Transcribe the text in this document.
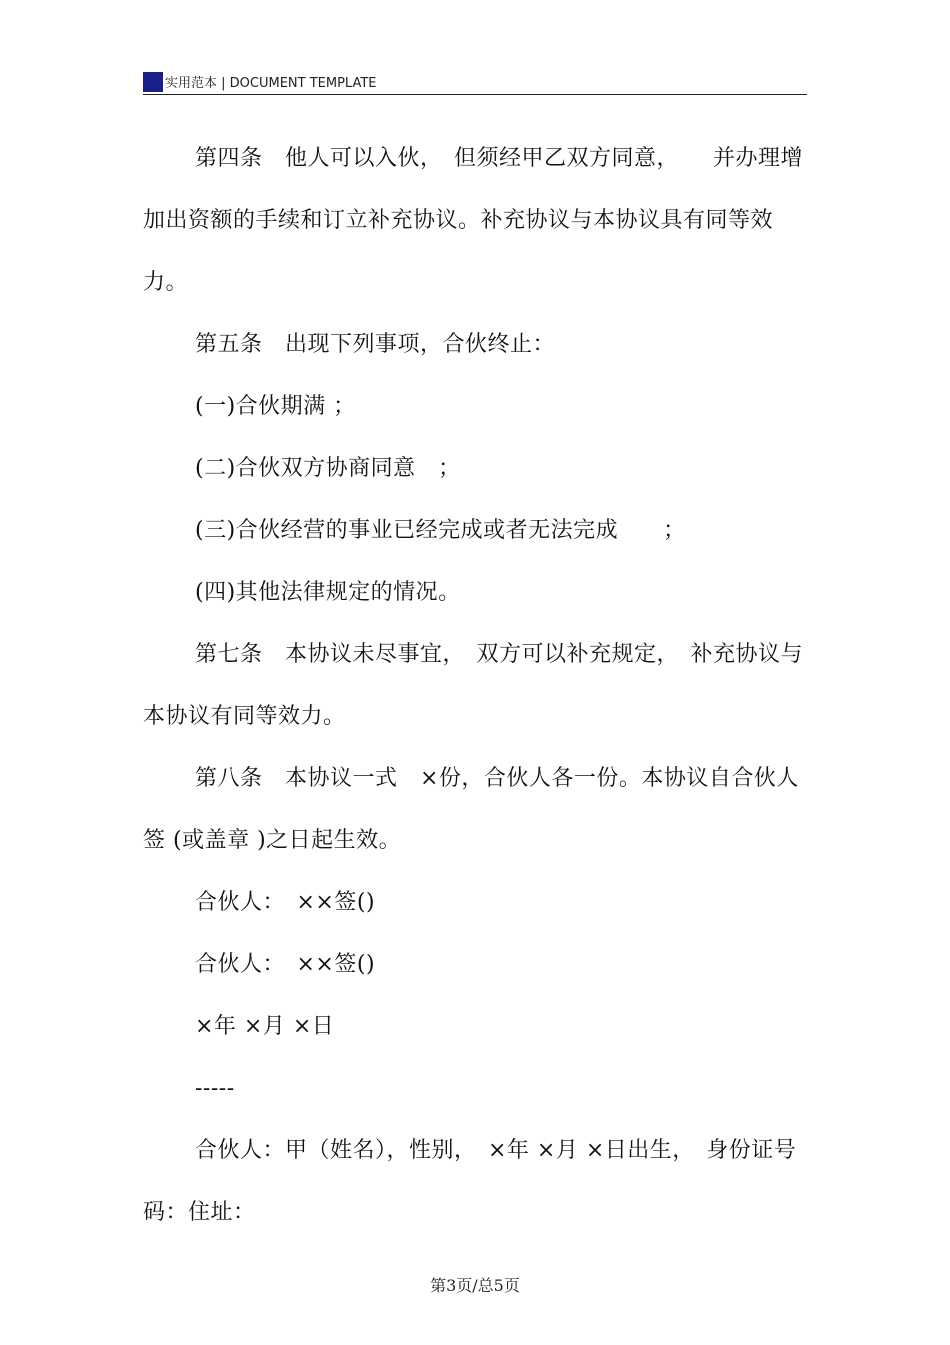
实用范本 | DOCUMENT TEMPLATE

第四条　他人可以入伙，　但须经甲乙双方同意，　　并办理增加出资额的手续和订立补充协议。补充协议与本协议具有同等效力。

第五条　出现下列事项，合伙终止：

(一)合伙期满 ；

(二)合伙双方协商同意　；

(三)合伙经营的事业已经完成或者无法完成　　；

(四)其他法律规定的情况。

第七条　本协议未尽事宜，　双方可以补充规定，　补充协议与本协议有同等效力。

第八条　本协议一式　×份，合伙人各一份。本协议自合伙人签 (或盖章 )之日起生效。

合伙人：　××签()

合伙人：　××签()

×年 ×月 ×日

-----

合伙人：甲（姓名），性别，　×年 ×月 ×日出生，　身份证号码：住址：

第3页/总5页
